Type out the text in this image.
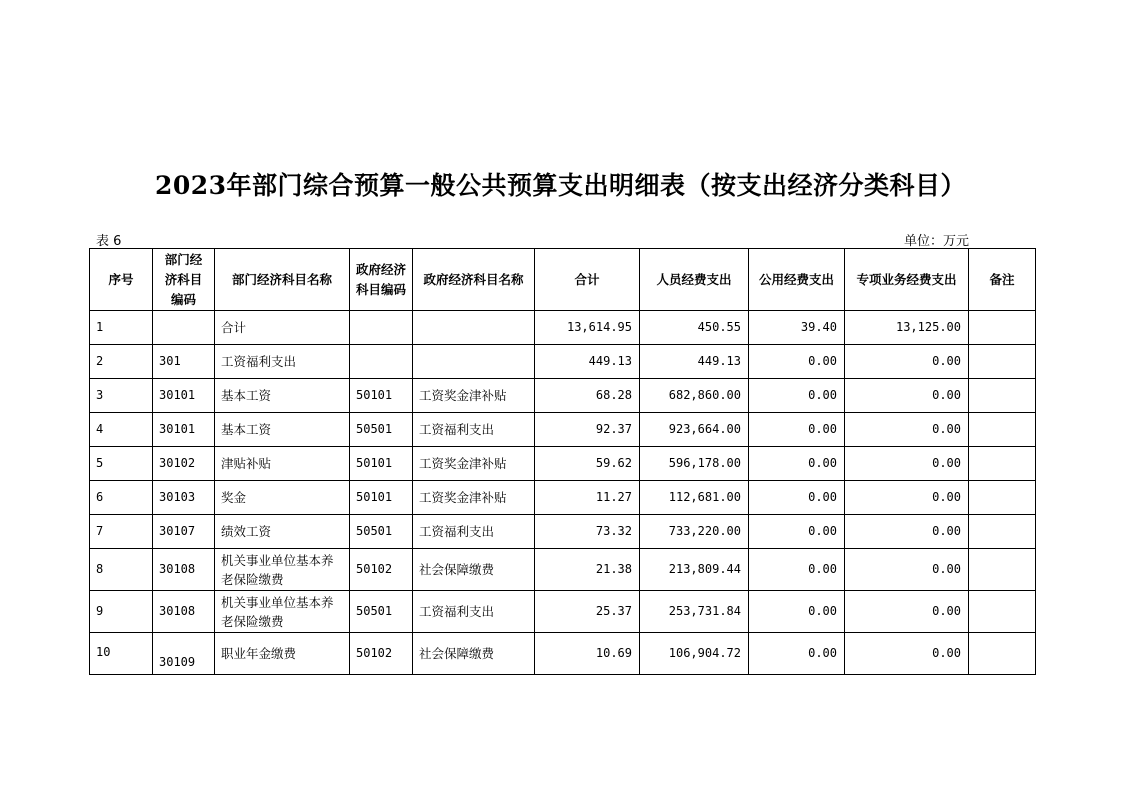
2023年部门综合预算一般公共预算支出明细表（按支出经济分类科目）
表 6	单位：万元
序号	部门经济科目编码	部门经济科目名称	政府经济科目编码	政府经济科目名称	合计	人员经费支出	公用经费支出	专项业务经费支出	备注
1		合计			13,614.95	450.55	39.40	13,125.00	
2	301	工资福利支出			449.13	449.13	0.00	0.00	
3	30101	基本工资	50101	工资奖金津补贴	68.28	682,860.00	0.00	0.00	
4	30101	基本工资	50501	工资福利支出	92.37	923,664.00	0.00	0.00	
5	30102	津贴补贴	50101	工资奖金津补贴	59.62	596,178.00	0.00	0.00	
6	30103	奖金	50101	工资奖金津补贴	11.27	112,681.00	0.00	0.00	
7	30107	绩效工资	50501	工资福利支出	73.32	733,220.00	0.00	0.00	
8	30108	机关事业单位基本养老保险缴费	50102	社会保障缴费	21.38	213,809.44	0.00	0.00	
9	30108	机关事业单位基本养老保险缴费	50501	工资福利支出	25.37	253,731.84	0.00	0.00	
10	30109	职业年金缴费	50102	社会保障缴费	10.69	106,904.72	0.00	0.00	
